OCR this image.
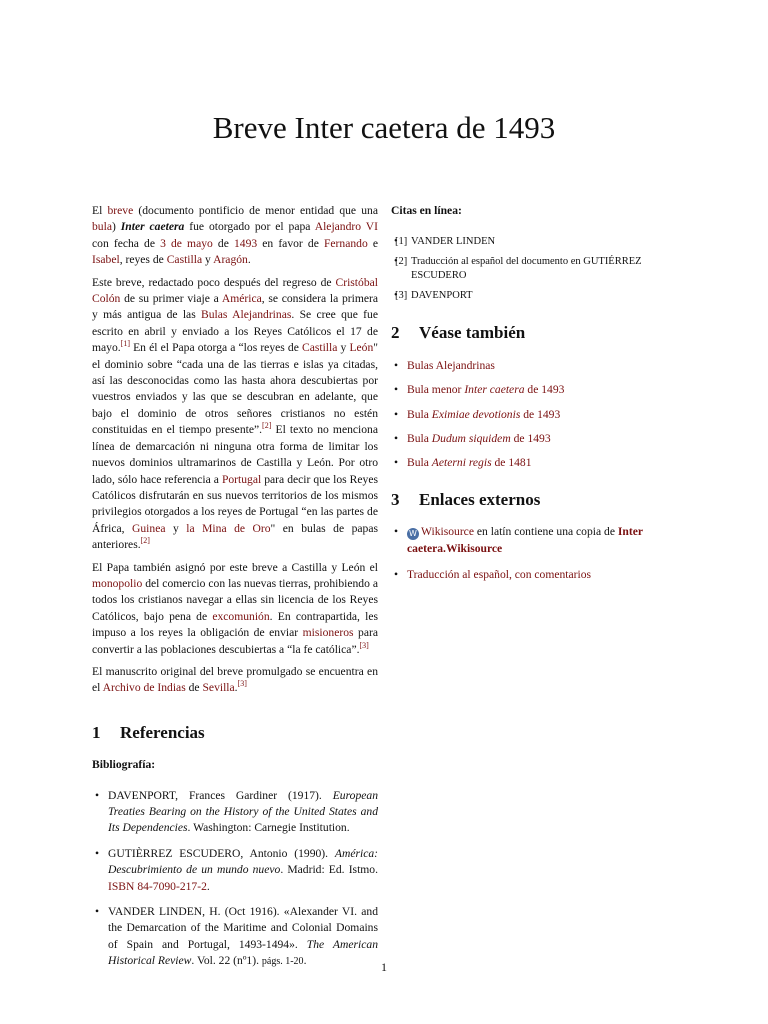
Breve Inter caetera de 1493

El breve (documento pontificio de menor entidad que una bula) Inter caetera fue otorgado por el papa Alejandro VI con fecha de 3 de mayo de 1493 en favor de Fernando e Isabel, reyes de Castilla y Aragón.

Este breve, redactado poco después del regreso de Cristóbal Colón de su primer viaje a América, se considera la primera y más antigua de las Bulas Alejandrinas. Se cree que fue escrito en abril y enviado a los Reyes Católicos el 17 de mayo.[1] En él el Papa otorga a “los reyes de Castilla y León" el dominio sobre “cada una de las tierras e islas ya citadas, así las desconocidas como las hasta ahora descubiertas por vuestros enviados y las que se descubran en adelante, que bajo el dominio de otros señores cristianos no estén constituidas en el tiempo presente”.[2] El texto no menciona línea de demarcación ni ninguna otra forma de limitar los nuevos dominios ultramarinos de Castilla y León. Por otro lado, sólo hace referencia a Portugal para decir que los Reyes Católicos disfrutarán en sus nuevos territorios de los mismos privilegios otorgados a los reyes de Portugal “en las partes de África, Guinea y la Mina de Oro" en bulas de papas anteriores.[2]

El Papa también asignó por este breve a Castilla y León el monopolio del comercio con las nuevas tierras, prohibiendo a todos los cristianos navegar a ellas sin licencia de los Reyes Católicos, bajo pena de excomunión. En contrapartida, les impuso a los reyes la obligación de enviar misioneros para convertir a las poblaciones descubiertas a “la fe católica”.[3]

El manuscrito original del breve promulgado se encuentra en el Archivo de Indias de Sevilla.[3]

1 Referencias
Bibliografía:
• DAVENPORT, Frances Gardiner (1917). European Treaties Bearing on the History of the United States and Its Dependencies. Washington: Carnegie Institution.
• GUTIÈRREZ ESCUDERO, Antonio (1990). América: Descubrimiento de un mundo nuevo. Madrid: Ed. Istmo. ISBN 84-7090-217-2.
• VANDER LINDEN, H. (Oct 1916). «Alexander VI. and the Demarcation of the Maritime and Colonial Domains of Spain and Portugal, 1493-1494». The American Historical Review. Vol. 22 (nº1). págs. 1-20.
Citas en línea:
• [1] VANDER LINDEN
• [2] Traducción al español del documento en GUTIÉRREZ ESCUDERO
• [3] DAVENPORT
2 Véase también
• Bulas Alejandrinas
• Bula menor Inter caetera de 1493
• Bula Eximiae devotionis de 1493
• Bula Dudum siquidem de 1493
• Bula Aeterni regis de 1481
3 Enlaces externos
• W Wikisource en latín contiene una copia de Inter caetera.Wikisource
• Traducción al español, con comentarios
1
